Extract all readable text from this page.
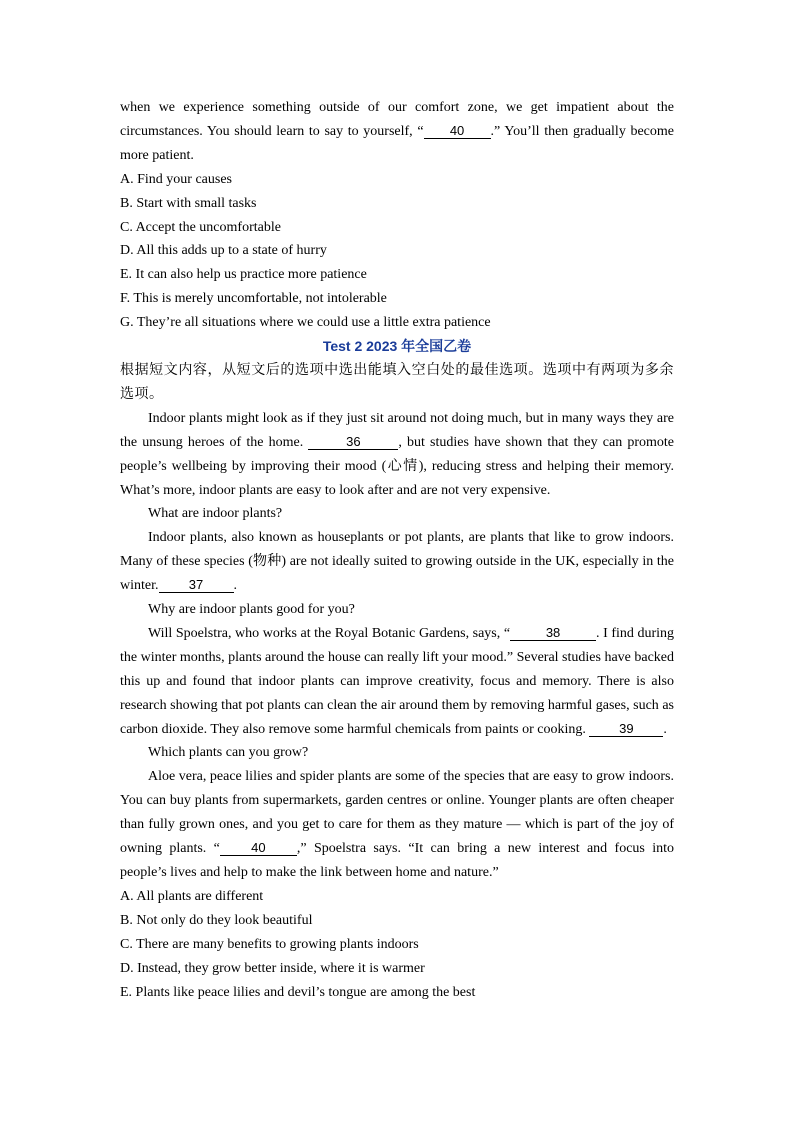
when we experience something outside of our comfort zone, we get impatient about the circumstances. You should learn to say to yourself, “ 40 .” You’ll then gradually become more patient.

A. Find your causes
B. Start with small tasks
C. Accept the uncomfortable
D. All this adds up to a state of hurry
E. It can also help us practice more patience
F. This is merely uncomfortable, not intolerable
G. They’re all situations where we could use a little extra patience
Test 2 2023 年全国乙卷

根据短文内容，从短文后的选项中选出能填入空白处的最佳选项。选项中有两项为多余选项。

Indoor plants might look as if they just sit around not doing much, but in many ways they are the unsung heroes of the home.	36	, but studies have shown that they can promote people’s wellbeing by improving their mood (心情), reducing stress and helping their memory. What’s more, indoor plants are easy to look after and are not very expensive.

What are indoor plants?

Indoor plants, also known as houseplants or pot plants, are plants that like to grow indoors. Many of these species (物种) are not ideally suited to growing outside in the UK, especially in the winter. 37 .

Why are indoor plants good for you?

Will Spoelstra, who works at the Royal Botanic Gardens, says, “	38	. I find during the winter months, plants around the house can really lift your mood.” Several studies have backed this up and found that indoor plants can improve creativity, focus and memory. There is also research showing that pot plants can clean the air around them by removing harmful gases, such as carbon dioxide. They also remove some harmful chemicals from paints or cooking. 39 .

Which plants can you grow?

Aloe vera, peace lilies and spider plants are some of the species that are easy to grow indoors. You can buy plants from supermarkets, garden centres or online. Younger plants are often cheaper than fully grown ones, and you get to care for them as they mature — which is part of the joy of owning plants. “ 40 ,” Spoelstra says. “It can bring a new interest and focus into people’s lives and help to make the link between home and nature.”

A. All plants are different
B. Not only do they look beautiful
C. There are many benefits to growing plants indoors
D. Instead, they grow better inside, where it is warmer
E. Plants like peace lilies and devil’s tongue are among the best
